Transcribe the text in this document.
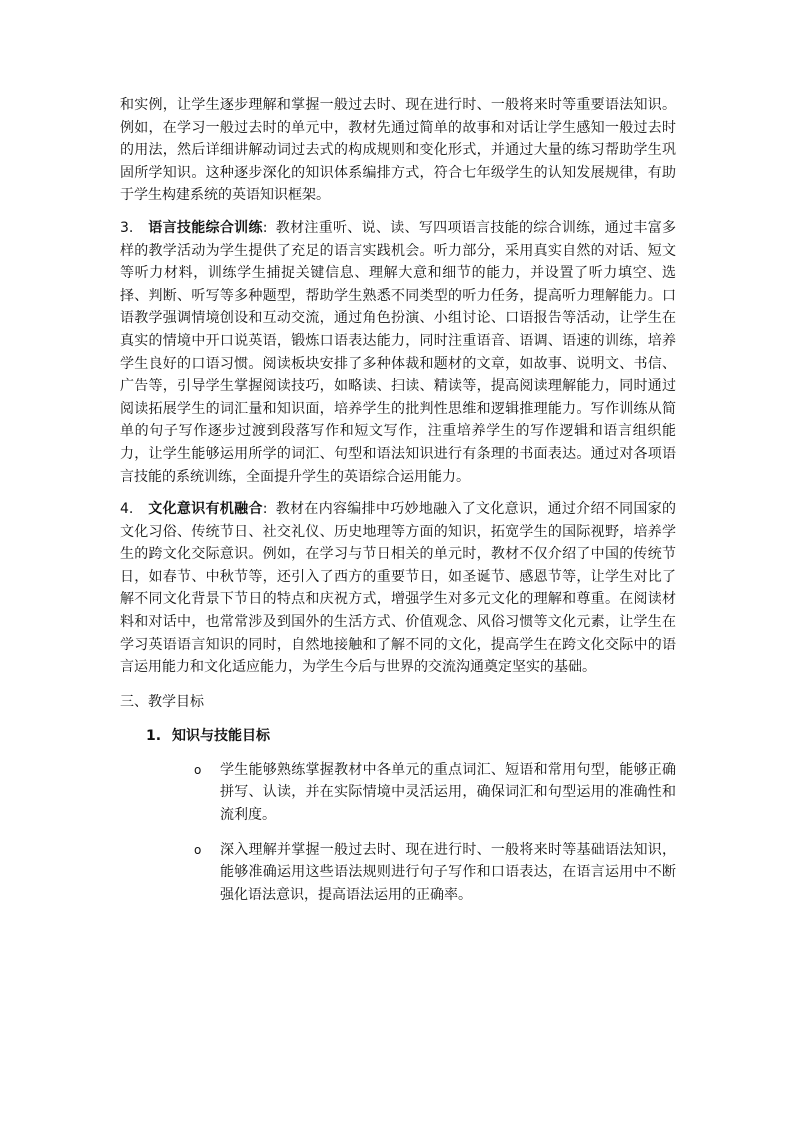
和实例，让学生逐步理解和掌握一般过去时、现在进行时、一般将来时等重要语法知识。例如，在学习一般过去时的单元中，教材先通过简单的故事和对话让学生感知一般过去时的用法，然后详细讲解动词过去式的构成规则和变化形式，并通过大量的练习帮助学生巩固所学知识。这种逐步深化的知识体系编排方式，符合七年级学生的认知发展规律，有助于学生构建系统的英语知识框架。

3. 语言技能综合训练: 教材注重听、说、读、写四项语言技能的综合训练，通过丰富多样的教学活动为学生提供了充足的语言实践机会。听力部分，采用真实自然的对话、短文等听力材料，训练学生捕捉关键信息、理解大意和细节的能力，并设置了听力填空、选择、判断、听写等多种题型，帮助学生熟悉不同类型的听力任务，提高听力理解能力。口语教学强调情境创设和互动交流，通过角色扮演、小组讨论、口语报告等活动，让学生在真实的情境中开口说英语，锻炼口语表达能力，同时注重语音、语调、语速的训练，培养学生良好的口语习惯。阅读板块安排了多种体裁和题材的文章，如故事、说明文、书信、广告等，引导学生掌握阅读技巧，如略读、扫读、精读等，提高阅读理解能力，同时通过阅读拓展学生的词汇量和知识面，培养学生的批判性思维和逻辑推理能力。写作训练从简单的句子写作逐步过渡到段落写作和短文写作，注重培养学生的写作逻辑和语言组织能力，让学生能够运用所学的词汇、句型和语法知识进行有条理的书面表达。通过对各项语言技能的系统训练，全面提升学生的英语综合运用能力。

4. 文化意识有机融合: 教材在内容编排中巧妙地融入了文化意识，通过介绍不同国家的文化习俗、传统节日、社交礼仪、历史地理等方面的知识，拓宽学生的国际视野，培养学生的跨文化交际意识。例如，在学习与节日相关的单元时，教材不仅介绍了中国的传统节日，如春节、中秋节等，还引入了西方的重要节日，如圣诞节、感恩节等，让学生对比了解不同文化背景下节日的特点和庆祝方式，增强学生对多元文化的理解和尊重。在阅读材料和对话中，也常常涉及到国外的生活方式、价值观念、风俗习惯等文化元素，让学生在学习英语语言知识的同时，自然地接触和了解不同的文化，提高学生在跨文化交际中的语言运用能力和文化适应能力，为学生今后与世界的交流沟通奠定坚实的基础。

三、教学目标

1. 知识与技能目标

o 学生能够熟练掌握教材中各单元的重点词汇、短语和常用句型，能够正确拼写、认读，并在实际情境中灵活运用，确保词汇和句型运用的准确性和流利度。
o 深入理解并掌握一般过去时、现在进行时、一般将来时等基础语法知识，能够准确运用这些语法规则进行句子写作和口语表达，在语言运用中不断强化语法意识，提高语法运用的正确率。
